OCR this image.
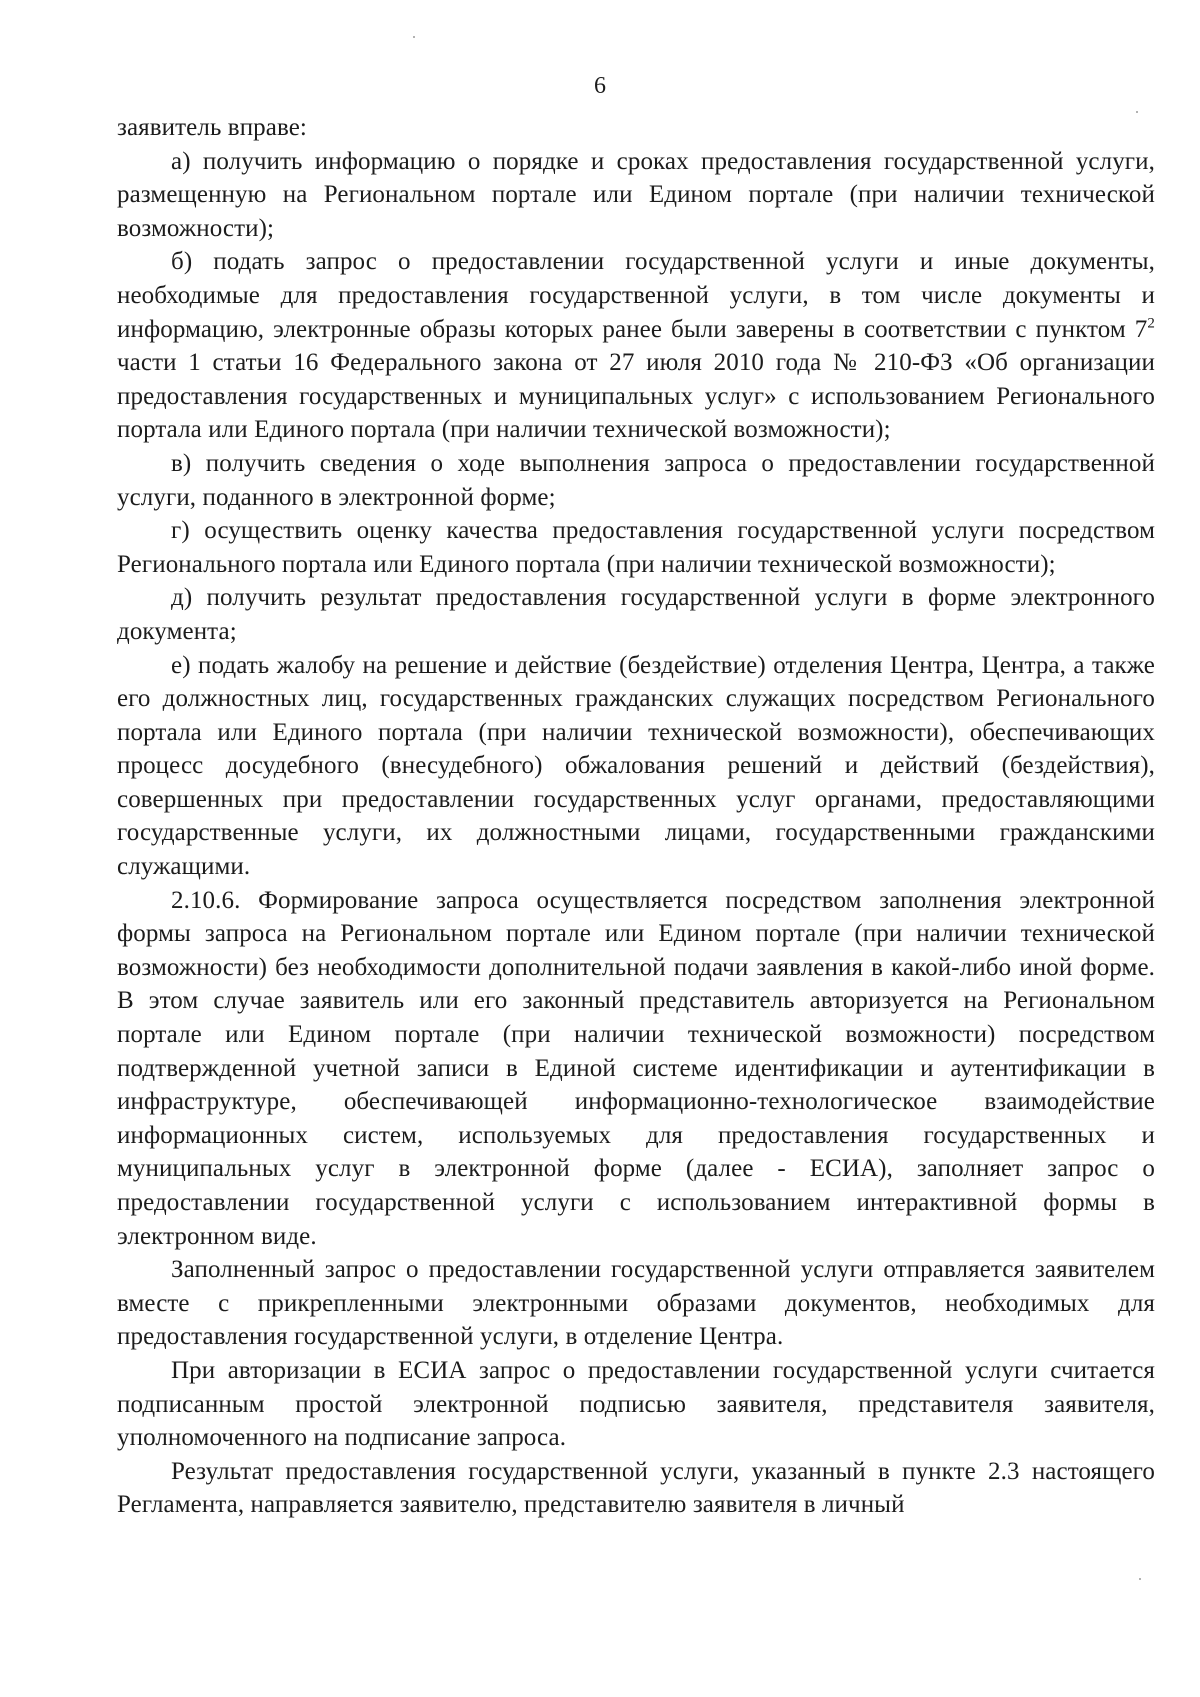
6

заявитель вправе:

а) получить информацию о порядке и сроках предоставления государственной услуги, размещенную на Региональном портале или Едином портале (при наличии технической возможности);

б) подать запрос о предоставлении государственной услуги и иные документы, необходимые для предоставления государственной услуги, в том числе документы и информацию, электронные образы которых ранее были заверены в соответствии с пунктом $7^2$ части 1 статьи 16 Федерального закона от 27 июля 2010 года № 210-ФЗ «Об организации предоставления государственных и муниципальных услуг» с использованием Регионального портала или Единого портала (при наличии технической возможности);

в) получить сведения о ходе выполнения запроса о предоставлении государственной услуги, поданного в электронной форме;

г) осуществить оценку качества предоставления государственной услуги посредством Регионального портала или Единого портала (при наличии технической возможности);

д) получить результат предоставления государственной услуги в форме электронного документа;

е) подать жалобу на решение и действие (бездействие) отделения Центра, Центра, а также его должностных лиц, государственных гражданских служащих посредством Регионального портала или Единого портала (при наличии технической возможности), обеспечивающих процесс досудебного (внесудебного) обжалования решений и действий (бездействия), совершенных при предоставлении государственных услуг органами, предоставляющими государственные услуги, их должностными лицами, государственными гражданскими служащими.

2.10.6. Формирование запроса осуществляется посредством заполнения электронной формы запроса на Региональном портале или Едином портале (при наличии технической возможности) без необходимости дополнительной подачи заявления в какой-либо иной форме. В этом случае заявитель или его законный представитель авторизуется на Региональном портале или Едином портале (при наличии технической возможности) посредством подтвержденной учетной записи в Единой системе идентификации и аутентификации в инфраструктуре, обеспечивающей информационно-технологическое взаимодействие информационных систем, используемых для предоставления государственных и муниципальных услуг в электронной форме (далее - ЕСИА), заполняет запрос о предоставлении государственной услуги с использованием интерактивной формы в электронном виде.

Заполненный запрос о предоставлении государственной услуги отправляется заявителем вместе с прикрепленными электронными образами документов, необходимых для предоставления государственной услуги, в отделение Центра.

При авторизации в ЕСИА запрос о предоставлении государственной услуги считается подписанным простой электронной подписью заявителя, представителя заявителя, уполномоченного на подписание запроса.

Результат предоставления государственной услуги, указанный в пункте 2.3 настоящего Регламента, направляется заявителю, представителю заявителя в личный
